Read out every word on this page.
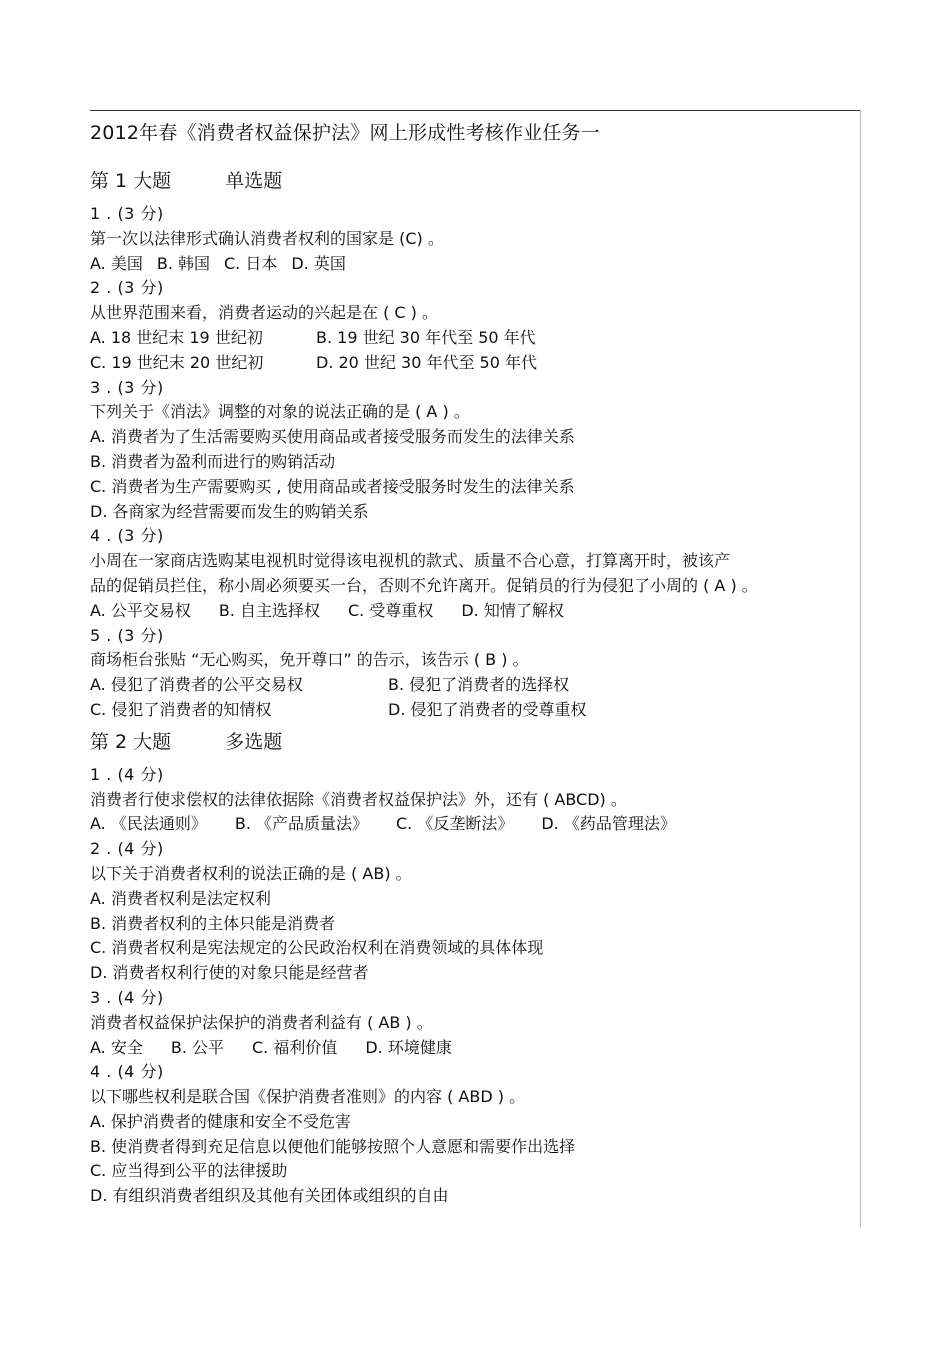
2012年春《消费者权益保护法》网上形成性考核作业任务一
第 1 大题	单选题
1 . (3 分)
第一次以法律形式确认消费者权利的国家是 (C) 。
A. 美国 B. 韩国 C. 日本 D. 英国
2 . (3 分)
从世界范围来看，消费者运动的兴起是在 ( C ) 。
A. 18 世纪末 19 世纪初	B. 19 世纪 30 年代至 50 年代
C. 19 世纪末 20 世纪初	D. 20 世纪 30 年代至 50 年代
3 . (3 分)
下列关于《消法》调整的对象的说法正确的是 ( A ) 。
A. 消费者为了生活需要购买使用商品或者接受服务而发生的法律关系
B. 消费者为盈利而进行的购销活动
C. 消费者为生产需要购买 , 使用商品或者接受服务时发生的法律关系
D. 各商家为经营需要而发生的购销关系
4 . (3 分)
小周在一家商店选购某电视机时觉得该电视机的款式、质量不合心意，打算离开时，被该产
品的促销员拦住，称小周必须要买一台，否则不允许离开。促销员的行为侵犯了小周的 ( A ) 。
A. 公平交易权 B. 自主选择权 C. 受尊重权 D. 知情了解权
5 . (3 分)
商场柜台张贴 “无心购买，免开尊口” 的告示，该告示 ( B ) 。
A. 侵犯了消费者的公平交易权	B. 侵犯了消费者的选择权
C. 侵犯了消费者的知情权	D. 侵犯了消费者的受尊重权
第 2 大题	多选题
1 . (4 分)
消费者行使求偿权的法律依据除《消费者权益保护法》外，还有 ( ABCD) 。
A. 《民法通则》 B. 《产品质量法》 C. 《反垄断法》 D. 《药品管理法》
2 . (4 分)
以下关于消费者权利的说法正确的是 ( AB) 。
A. 消费者权利是法定权利
B. 消费者权利的主体只能是消费者
C. 消费者权利是宪法规定的公民政治权利在消费领域的具体体现
D. 消费者权利行使的对象只能是经营者
3 . (4 分)
消费者权益保护法保护的消费者利益有 ( AB ) 。
A. 安全 B. 公平 C. 福利价值 D. 环境健康
4 . (4 分)
以下哪些权利是联合国《保护消费者准则》的内容 ( ABD ) 。
A. 保护消费者的健康和安全不受危害
B. 使消费者得到充足信息以便他们能够按照个人意愿和需要作出选择
C. 应当得到公平的法律援助
D. 有组织消费者组织及其他有关团体或组织的自由
